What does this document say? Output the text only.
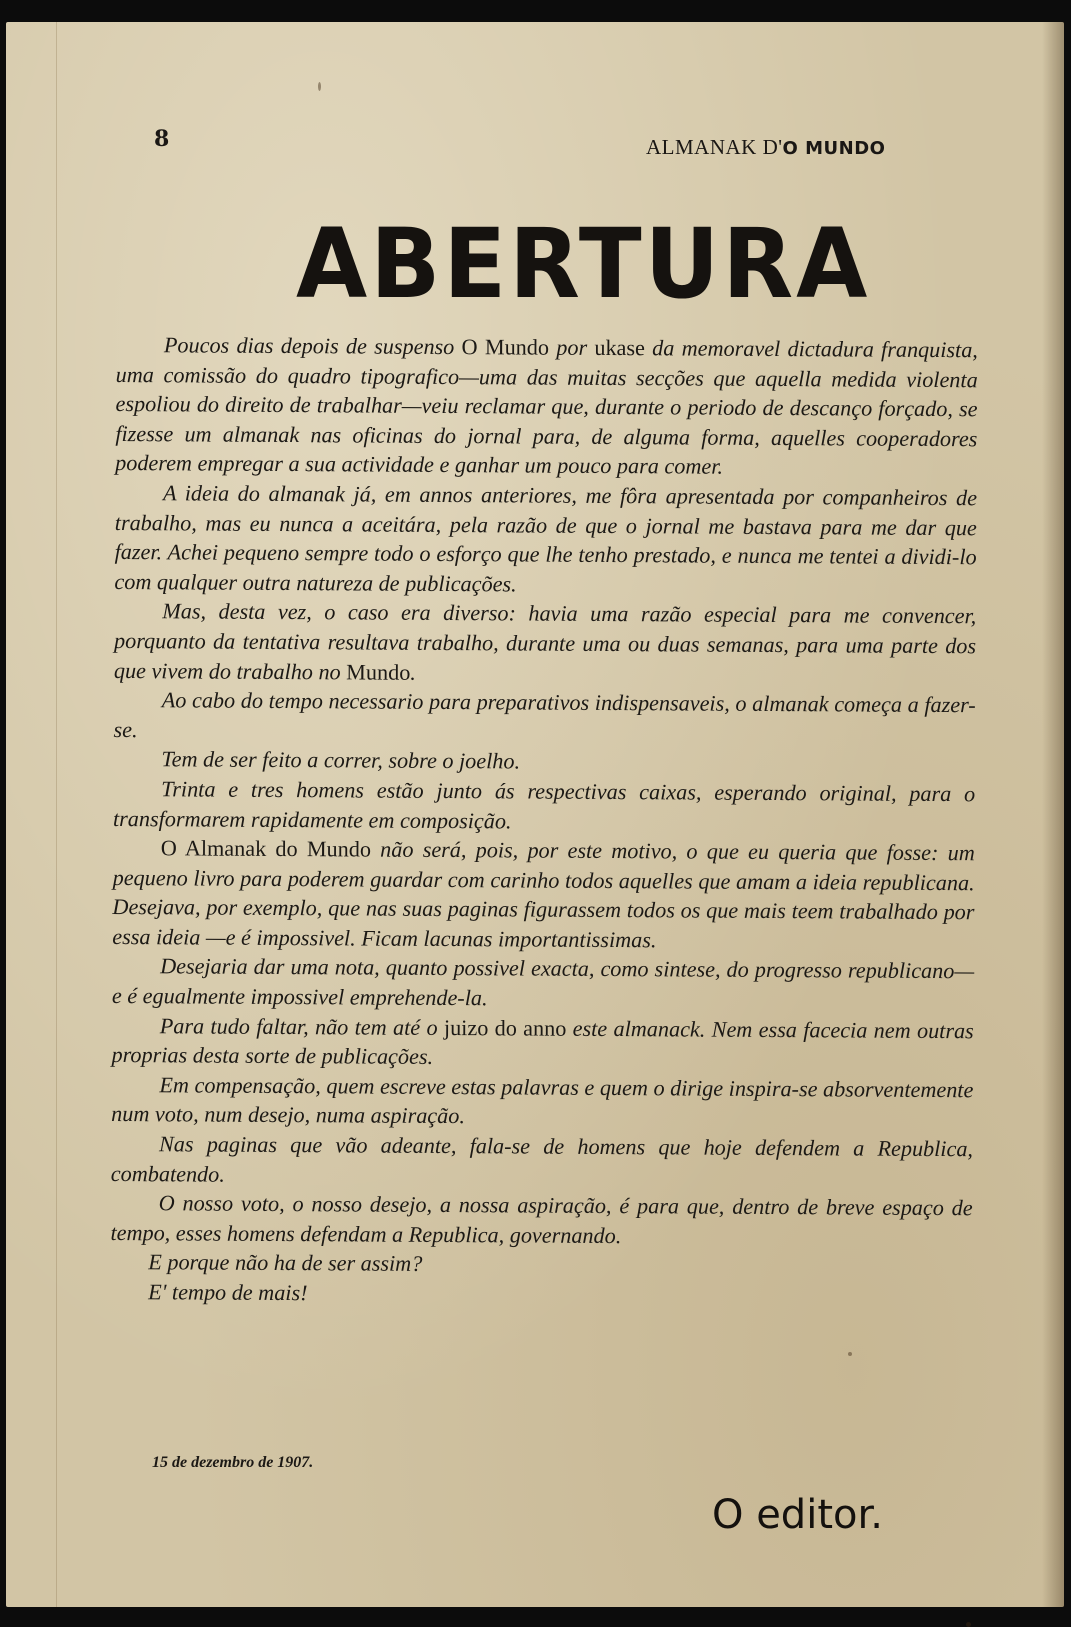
8	ALMANAK D'O MUNDO
ABERTURA

Poucos dias depois de suspenso O Mundo por ukase da memoravel dictadura franquista, uma comissão do quadro tipografico—uma das muitas secções que aquella medida violenta espoliou do direito de trabalhar—veiu reclamar que, durante o periodo de descanço forçado, se fizesse um almanak nas oficinas do jornal para, de alguma forma, aquelles cooperadores poderem empregar a sua actividade e ganhar um pouco para comer.

A ideia do almanak já, em annos anteriores, me fôra apresentada por companheiros de trabalho, mas eu nunca a aceitára, pela razão de que o jornal me bastava para me dar que fazer. Achei pequeno sempre todo o esforço que lhe tenho prestado, e nunca me tentei a dividi-lo com qualquer outra natureza de publicações.

Mas, desta vez, o caso era diverso: havia uma razão especial para me convencer, porquanto da tentativa resultava trabalho, durante uma ou duas semanas, para uma parte dos que vivem do trabalho no Mundo.

Ao cabo do tempo necessario para preparativos indispensaveis, o almanak começa a fazer-se.

Tem de ser feito a correr, sobre o joelho.

Trinta e tres homens estão junto ás respectivas caixas, esperando original, para o transformarem rapidamente em composição.

O Almanak do Mundo não será, pois, por este motivo, o que eu queria que fosse: um pequeno livro para poderem guardar com carinho todos aquelles que amam a ideia republicana. Desejava, por exemplo, que nas suas paginas figurassem todos os que mais teem trabalhado por essa ideia —e é impossivel. Ficam lacunas importantissimas.

Desejaria dar uma nota, quanto possivel exacta, como sintese, do progresso republicano—e é egualmente impossivel emprehende-la.

Para tudo faltar, não tem até o juizo do anno este almanack. Nem essa facecia nem outras proprias desta sorte de publicações.

Em compensação, quem escreve estas palavras e quem o dirige inspira-se absorventemente num voto, num desejo, numa aspiração.

Nas paginas que vão adeante, fala-se de homens que hoje defendem a Republica, combatendo.

O nosso voto, o nosso desejo, a nossa aspiração, é para que, dentro de breve espaço de tempo, esses homens defendam a Republica, governando.

E porque não ha de ser assim?

E' tempo de mais!

15 de dezembro de 1907.
O editor.
